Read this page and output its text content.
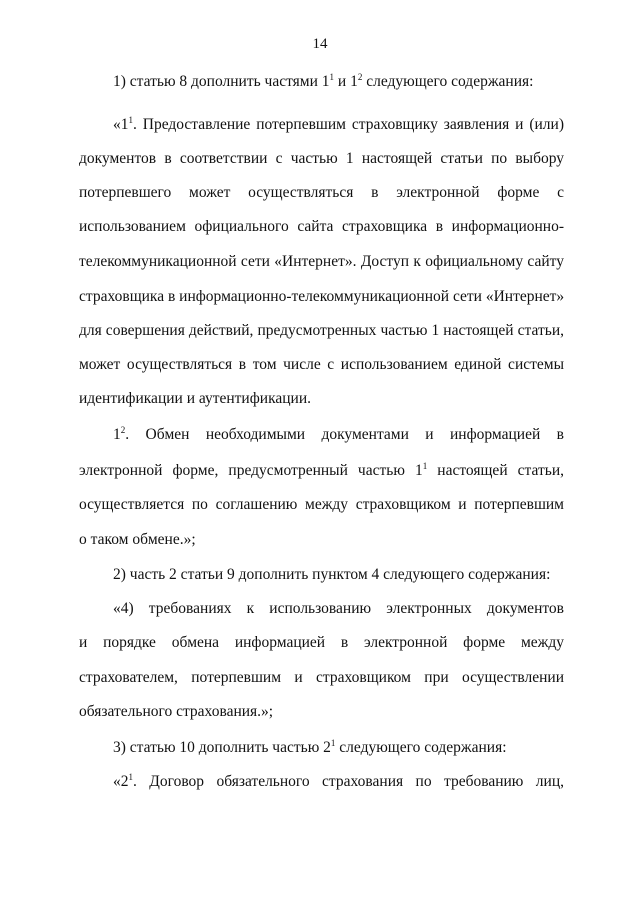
14
1) статью 8 дополнить частями $1^1$ и $1^2$ следующего содержания:
«$1^1$. Предоставление потерпевшим страховщику заявления и (или)
документов в соответствии с частью 1 настоящей статьи по выбору
потерпевшего может осуществляться в электронной форме с
использованием официального сайта страховщика в информационно-
телекоммуникационной сети «Интернет». Доступ к официальному сайту
страховщика в информационно-телекоммуникационной сети «Интернет»
для совершения действий, предусмотренных частью 1 настоящей статьи,
может осуществляться в том числе с использованием единой системы
идентификации и аутентификации.
$1^2$. Обмен необходимыми документами и информацией в
электронной форме, предусмотренный частью $1^1$ настоящей статьи,
осуществляется по соглашению между страховщиком и потерпевшим
о таком обмене.»;
2) часть 2 статьи 9 дополнить пунктом 4 следующего содержания:
«4) требованиях к использованию электронных документов
и порядке обмена информацией в электронной форме между
страхователем, потерпевшим и страховщиком при осуществлении
обязательного страхования.»;
3) статью 10 дополнить частью $2^1$ следующего содержания:
«$2^1$. Договор обязательного страхования по требованию лиц,
